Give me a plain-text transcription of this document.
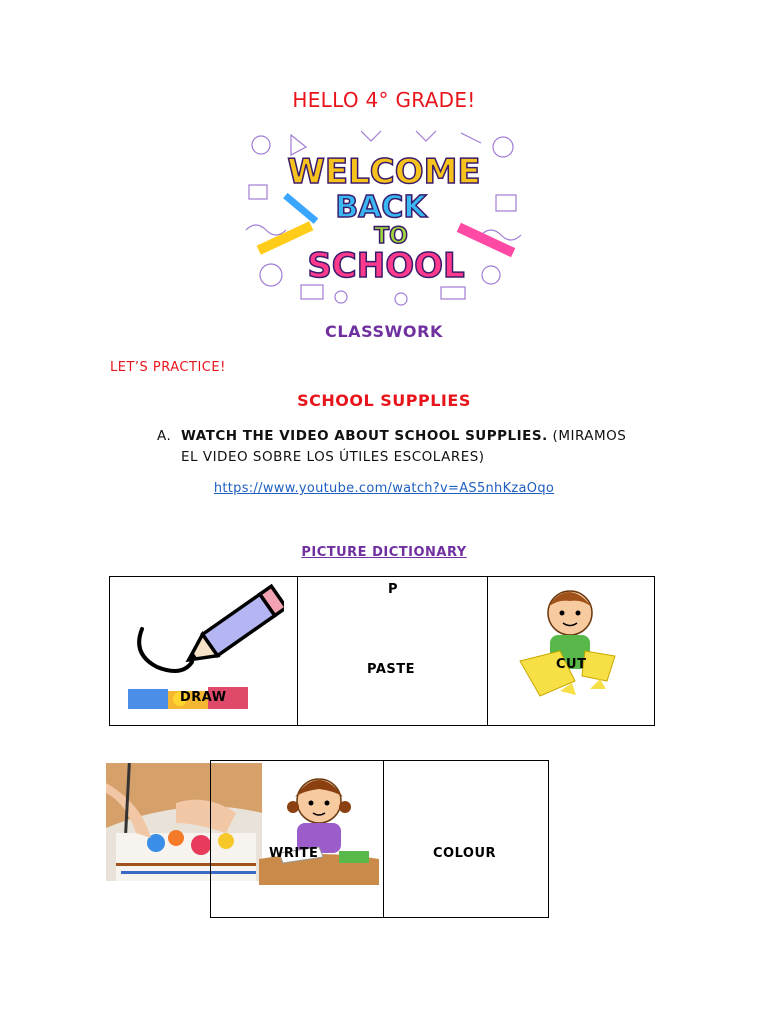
HELLO 4° GRADE!
WELCOME
BACK
TO
SCHOOL
CLASSWORK
LET’S PRACTICE!
SCHOOL SUPPLIES
A. WATCH THE VIDEO ABOUT SCHOOL SUPPLIES. (MIRAMOS
EL VIDEO SOBRE LOS ÚTILES ESCOLARES)
https://www.youtube.com/watch?v=AS5nhKzaOqo
PICTURE DICTIONARY
DRAW
P
PASTE	CUT
WRITE	COLOUR
